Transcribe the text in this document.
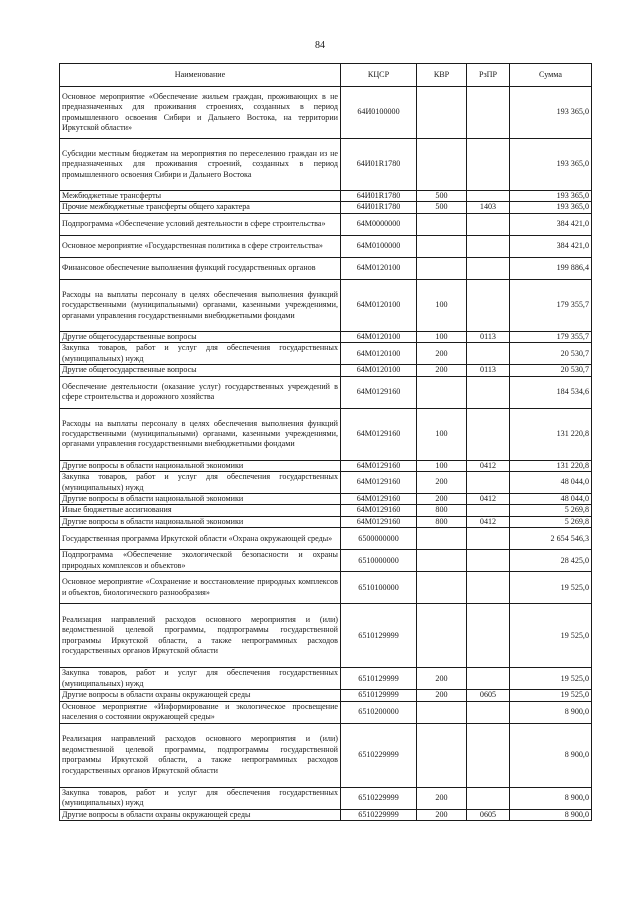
84
Наименование	КЦСР	КВР	РзПР	Сумма
Основное мероприятие «Обеспечение жильем граждан, проживающих в не предназначенных для проживания строениях, созданных в период промышленного освоения Сибири и Дальнего Востока, на территории Иркутской области»	64И0100000			193 365,0
Субсидии местным бюджетам на мероприятия по переселению граждан из не предназначенных для проживания строений, созданных в период промышленного освоения Сибири и Дальнего Востока	64И01R1780			193 365,0
Межбюджетные трансферты	64И01R1780	500		193 365,0
Прочие межбюджетные трансферты общего характера	64И01R1780	500	1403	193 365,0
Подпрограмма «Обеспечение условий деятельности в сфере строительства»	64М0000000			384 421,0
Основное мероприятие «Государственная политика в сфере строительства»	64М0100000			384 421,0
Финансовое обеспечение выполнения функций государственных органов	64М0120100			199 886,4
Расходы на выплаты персоналу в целях обеспечения выполнения функций государственными (муниципальными) органами, казенными учреждениями, органами управления государственными внебюджетными фондами	64М0120100	100		179 355,7
Другие общегосударственные вопросы	64М0120100	100	0113	179 355,7
Закупка товаров, работ и услуг для обеспечения государственных (муниципальных) нужд	64М0120100	200		20 530,7
Другие общегосударственные вопросы	64М0120100	200	0113	20 530,7
Обеспечение деятельности (оказание услуг) государственных учреждений в сфере строительства и дорожного хозяйства	64М0129160			184 534,6
Расходы на выплаты персоналу в целях обеспечения выполнения функций государственными (муниципальными) органами, казенными учреждениями, органами управления государственными внебюджетными фондами	64М0129160	100		131 220,8
Другие вопросы в области национальной экономики	64М0129160	100	0412	131 220,8
Закупка товаров, работ и услуг для обеспечения государственных (муниципальных) нужд	64М0129160	200		48 044,0
Другие вопросы в области национальной экономики	64М0129160	200	0412	48 044,0
Иные бюджетные ассигнования	64М0129160	800		5 269,8
Другие вопросы в области национальной экономики	64М0129160	800	0412	5 269,8
Государственная программа Иркутской области «Охрана окружающей среды»	6500000000			2 654 546,3
Подпрограмма «Обеспечение экологической безопасности и охраны природных комплексов и объектов»	6510000000			28 425,0
Основное мероприятие «Сохранение и восстановление природных комплексов и объектов, биологического разнообразия»	6510100000			19 525,0
Реализация направлений расходов основного мероприятия и (или) ведомственной целевой программы, подпрограммы государственной программы Иркутской области, а также непрограммных расходов государственных органов Иркутской области	6510129999			19 525,0
Закупка товаров, работ и услуг для обеспечения государственных (муниципальных) нужд	6510129999	200		19 525,0
Другие вопросы в области охраны окружающей среды	6510129999	200	0605	19 525,0
Основное мероприятие «Информирование и экологическое просвещение населения о состоянии окружающей среды»	6510200000			8 900,0
Реализация направлений расходов основного мероприятия и (или) ведомственной целевой программы, подпрограммы государственной программы Иркутской области, а также непрограммных расходов государственных органов Иркутской области	6510229999			8 900,0
Закупка товаров, работ и услуг для обеспечения государственных (муниципальных) нужд	6510229999	200		8 900,0
Другие вопросы в области охраны окружающей среды	6510229999	200	0605	8 900,0
